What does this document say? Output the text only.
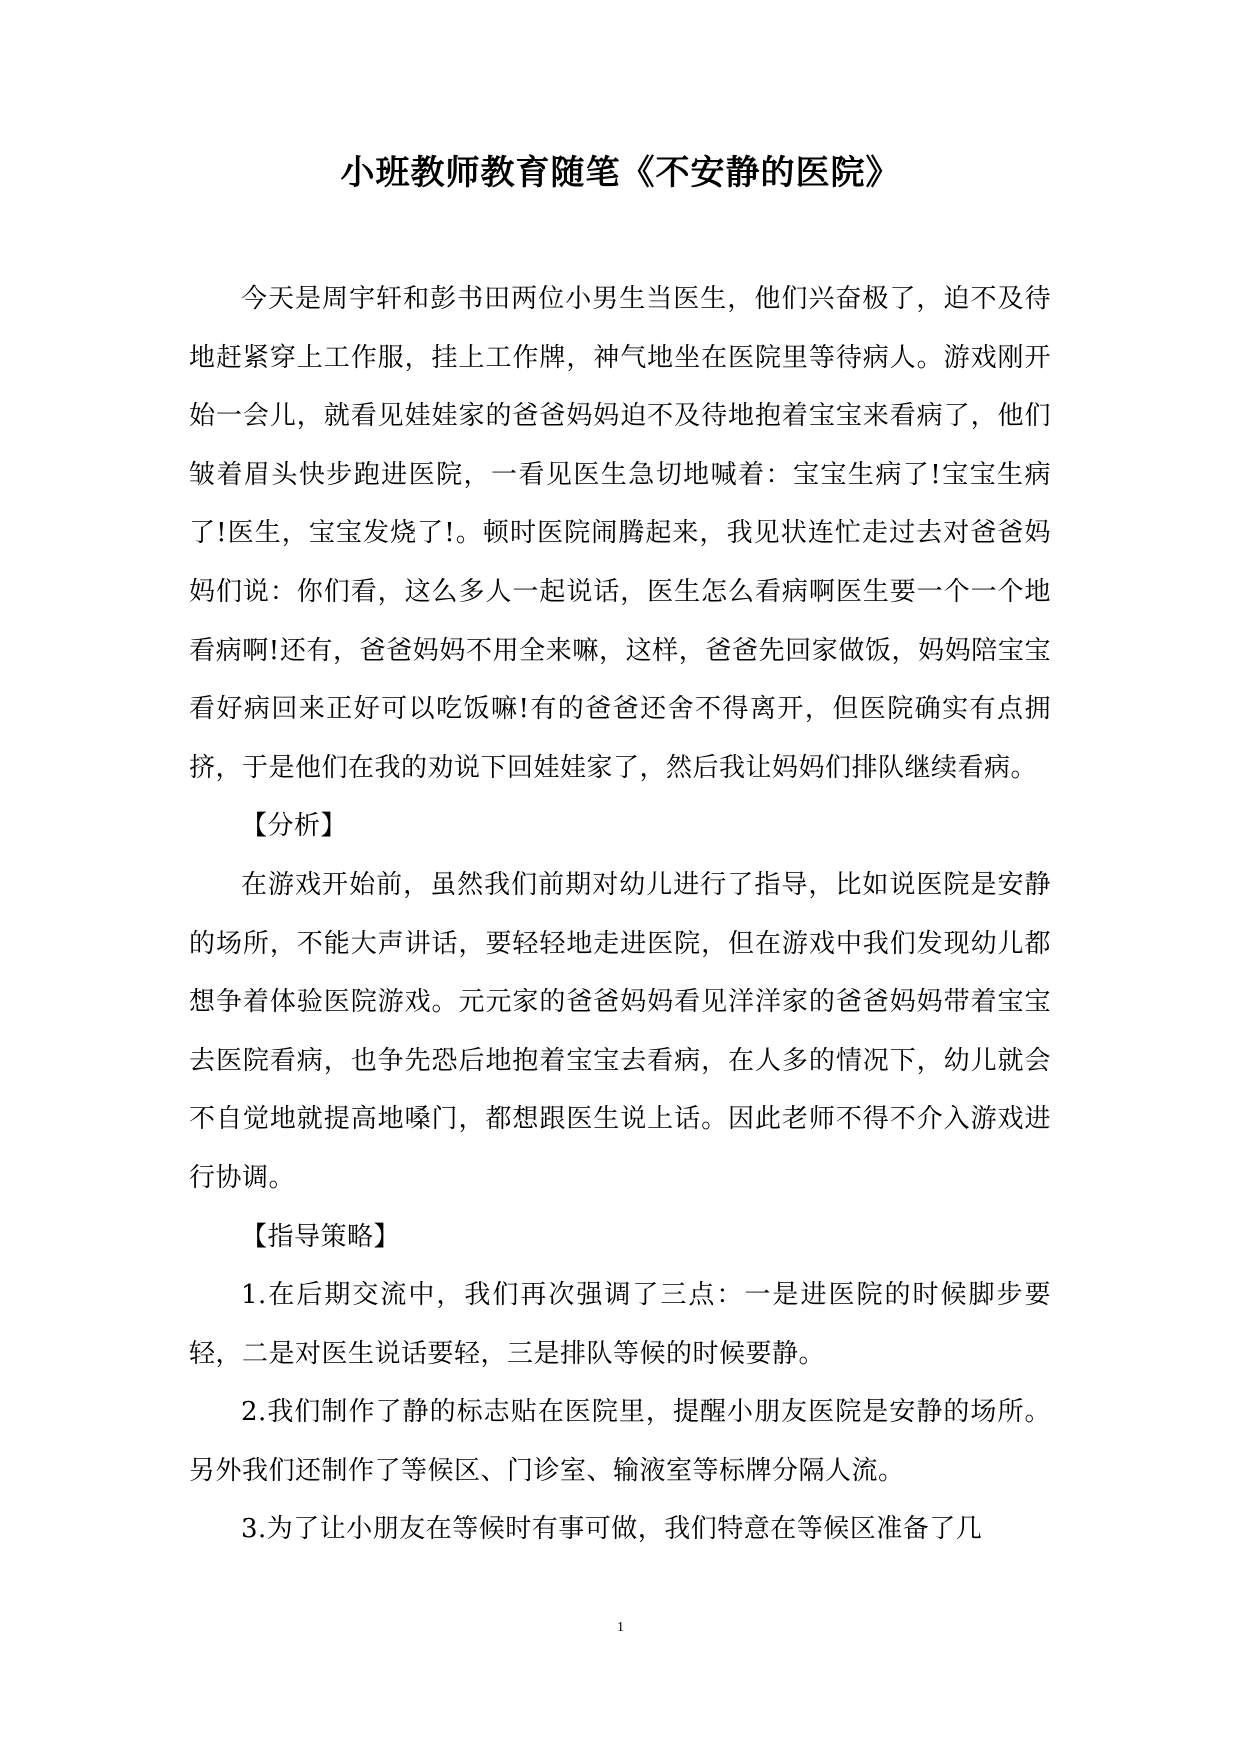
小班教师教育随笔《不安静的医院》

今天是周宇轩和彭书田两位小男生当医生，他们兴奋极了，迫不及待地赶紧穿上工作服，挂上工作牌，神气地坐在医院里等待病人。游戏刚开始一会儿，就看见娃娃家的爸爸妈妈迫不及待地抱着宝宝来看病了，他们皱着眉头快步跑进医院，一看见医生急切地喊着：宝宝生病了!宝宝生病了!医生，宝宝发烧了!。顿时医院闹腾起来，我见状连忙走过去对爸爸妈妈们说：你们看，这么多人一起说话，医生怎么看病啊医生要一个一个地看病啊!还有，爸爸妈妈不用全来嘛，这样，爸爸先回家做饭，妈妈陪宝宝看好病回来正好可以吃饭嘛!有的爸爸还舍不得离开，但医院确实有点拥挤，于是他们在我的劝说下回娃娃家了，然后我让妈妈们排队继续看病。

【分析】

在游戏开始前，虽然我们前期对幼儿进行了指导，比如说医院是安静的场所，不能大声讲话，要轻轻地走进医院，但在游戏中我们发现幼儿都想争着体验医院游戏。元元家的爸爸妈妈看见洋洋家的爸爸妈妈带着宝宝去医院看病，也争先恐后地抱着宝宝去看病，在人多的情况下，幼儿就会不自觉地就提高地嗓门，都想跟医生说上话。因此老师不得不介入游戏进行协调。

【指导策略】

1.在后期交流中，我们再次强调了三点：一是进医院的时候脚步要轻，二是对医生说话要轻，三是排队等候的时候要静。

2.我们制作了静的标志贴在医院里，提醒小朋友医院是安静的场所。另外我们还制作了等候区、门诊室、输液室等标牌分隔人流。

3.为了让小朋友在等候时有事可做，我们特意在等候区准备了几

1
